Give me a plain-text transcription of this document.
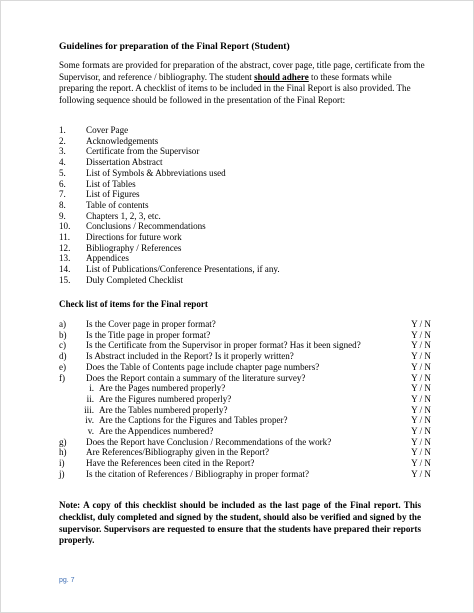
Guidelines for preparation of the Final Report (Student)
Some formats are provided for preparation of the abstract, cover page, title page, certificate from the Supervisor, and reference / bibliography. The student should adhere to these formats while preparing the report. A checklist of items to be included in the Final Report is also provided. The following sequence should be followed in the presentation of the Final Report:
1.	Cover Page
2.	Acknowledgements
3.	Certificate from the Supervisor
4.	Dissertation Abstract
5.	List of Symbols & Abbreviations used
6.	List of Tables
7.	List of Figures
8.	Table of contents
9.	Chapters 1, 2, 3, etc.
10.	Conclusions / Recommendations
11.	Directions for future work
12.	Bibliography / References
13.	Appendices
14.	List of Publications/Conference Presentations, if any.
15.	Duly Completed Checklist
Check list of items for the Final report
a)	Is the Cover page in proper format?	Y / N
b)	Is the Title page in proper format?	Y / N
c)	Is the Certificate from the Supervisor in proper format? Has it been signed?	Y / N
d)	Is Abstract included in the Report? Is it properly written?	Y / N
e)	Does the Table of Contents page include chapter page numbers?	Y / N
f)	Does the Report contain a summary of the literature survey?	Y / N
i. Are the Pages numbered properly?	Y / N
ii. Are the Figures numbered properly?	Y / N
iii. Are the Tables numbered properly?	Y / N
iv. Are the Captions for the Figures and Tables proper?	Y / N
v. Are the Appendices numbered?	Y / N
g)	Does the Report have Conclusion / Recommendations of the work?	Y / N
h)	Are References/Bibliography given in the Report?	Y / N
i)	Have the References been cited in the Report?	Y / N
j)	Is the citation of References / Bibliography in proper format?	Y / N
Note: A copy of this checklist should be included as the last page of the Final report. This checklist, duly completed and signed by the student, should also be verified and signed by the supervisor. Supervisors are requested to ensure that the students have prepared their reports properly.
pg. 7
